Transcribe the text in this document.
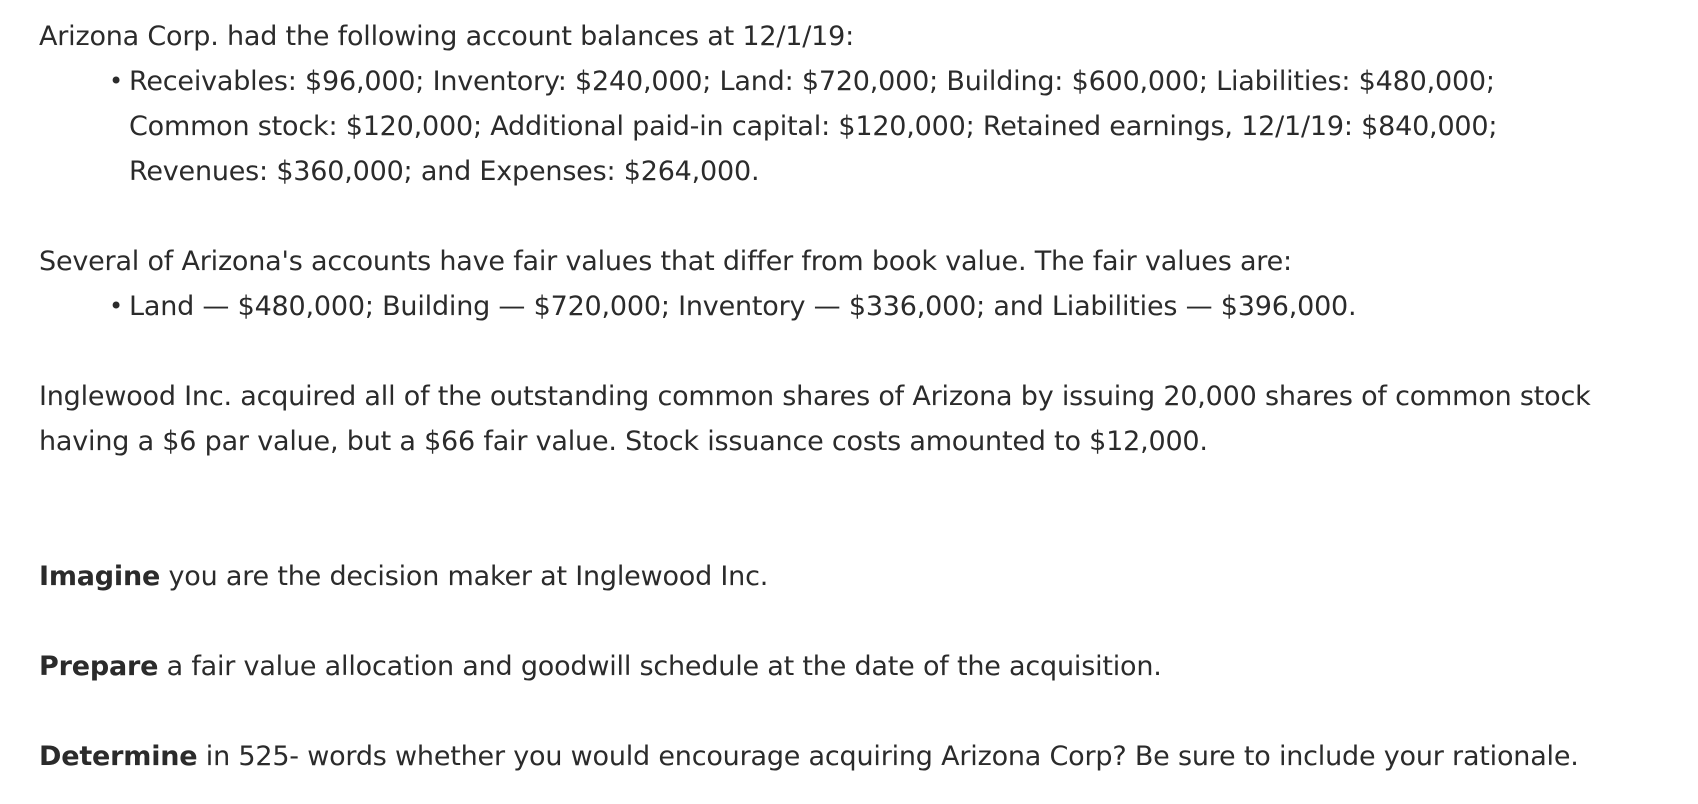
Arizona Corp. had the following account balances at 12/1/19:

• Receivables: $96,000; Inventory: $240,000; Land: $720,000; Building: $600,000; Liabilities: $480,000; Common stock: $120,000; Additional paid-in capital: $120,000; Retained earnings, 12/1/19: $840,000; Revenues: $360,000; and Expenses: $264,000.

Several of Arizona's accounts have fair values that differ from book value. The fair values are:

• Land — $480,000; Building — $720,000; Inventory — $336,000; and Liabilities — $396,000.

Inglewood Inc. acquired all of the outstanding common shares of Arizona by issuing 20,000 shares of common stock having a $6 par value, but a $66 fair value. Stock issuance costs amounted to $12,000.

Imagine you are the decision maker at Inglewood Inc.

Prepare a fair value allocation and goodwill schedule at the date of the acquisition.

Determine in 525- words whether you would encourage acquiring Arizona Corp? Be sure to include your rationale.
